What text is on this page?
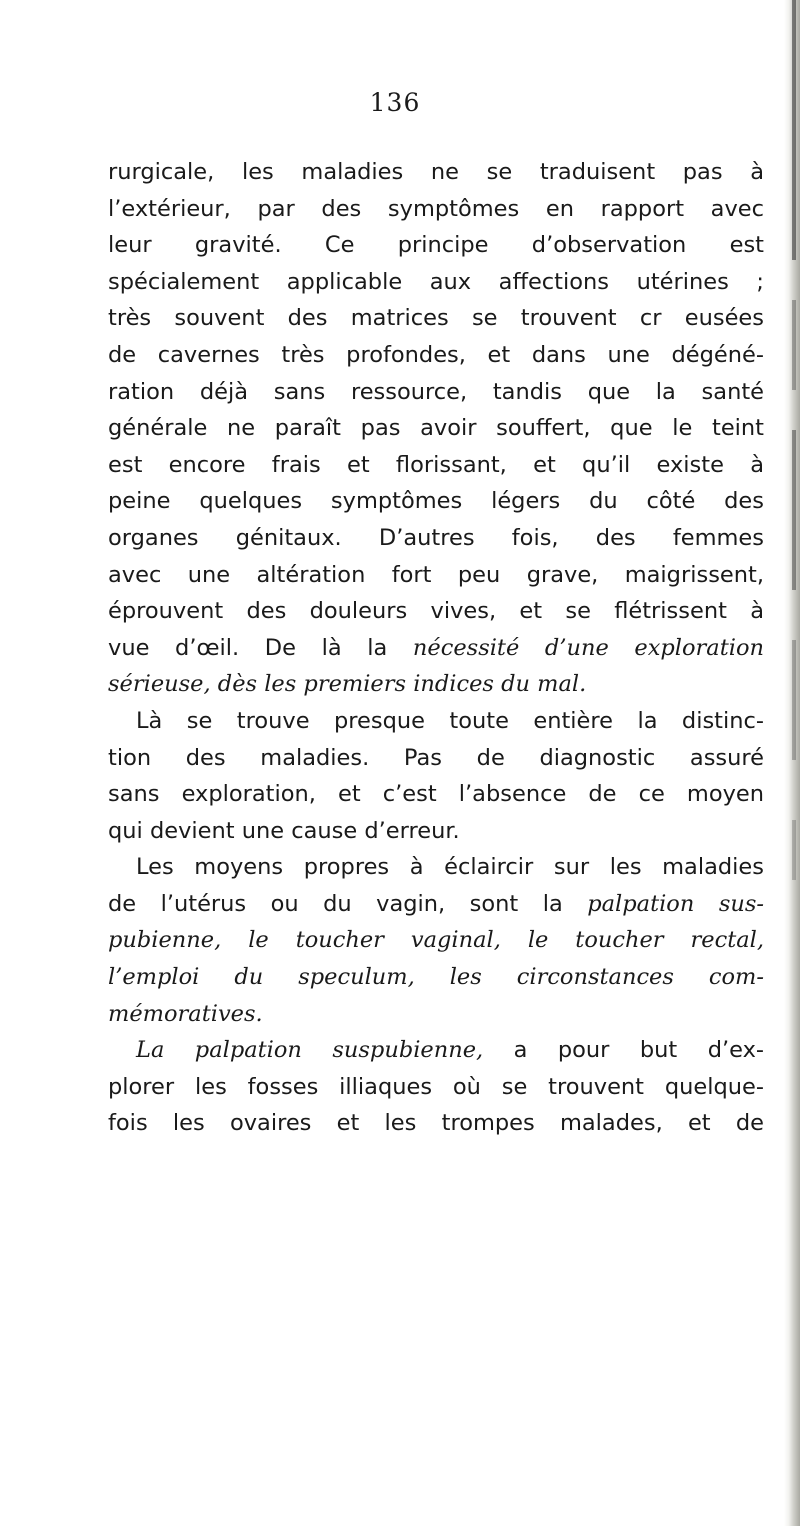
136
rurgicale, les maladies ne se traduisent pas à
l’extérieur, par des symptômes en rapport avec
leur gravité. Ce principe d’observation est
spécialement applicable aux affections utérines ;
très souvent des matrices se trouvent cr eusées
de cavernes très profondes, et dans une dégéné-
ration déjà sans ressource, tandis que la santé
générale ne paraît pas avoir souffert, que le teint
est encore frais et florissant, et qu’il existe à
peine quelques symptômes légers du côté des
organes génitaux. D’autres fois, des femmes
avec une altération fort peu grave, maigrissent,
éprouvent des douleurs vives, et se flétrissent à
vue d’œil. De là la nécessité d’une exploration
sérieuse, dès les premiers indices du mal.
Là se trouve presque toute entière la distinc-
tion des maladies. Pas de diagnostic assuré
sans exploration, et c’est l’absence de ce moyen
qui devient une cause d’erreur.
Les moyens propres à éclaircir sur les maladies
de l’utérus ou du vagin, sont la palpation sus-
pubienne, le toucher vaginal, le toucher rectal,
l’emploi du speculum, les circonstances com-
mémoratives.
La palpation suspubienne, a pour but d’ex-
plorer les fosses illiaques où se trouvent quelque-
fois les ovaires et les trompes malades, et de
